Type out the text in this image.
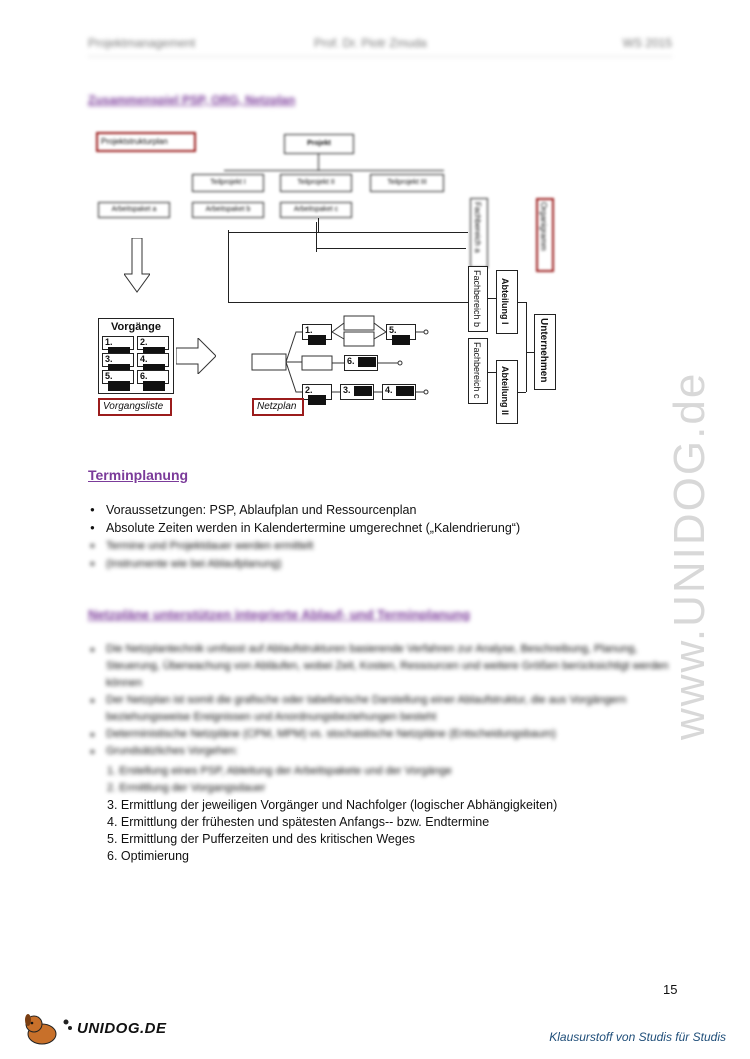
Projektmanagement	Prof. Dr. Piotr Zmuda	WS 2015
Zusammenspiel PSP, ORG, Netzplan
Projektstrukturplan	Projekt
Teilprojekt I	Teilprojekt II	Teilprojekt III
Arbeitspaket a	Arbeitspaket b	Arbeitspaket c	Fachbereich a	Organigramm
Vorgänge
1.	2.
3.	4.
5.	6.
Vorgangsliste
1.	5.
6.
2.	3.	4.
Netzplan
Fachbereich b
Fachbereich c
Abteilung I
Abteilung II
Unternehmen
Terminplanung
● Voraussetzungen: PSP, Ablaufplan und Ressourcenplan
● Absolute Zeiten werden in Kalendertermine umgerechnet („Kalendrierung“)
● Termine und Projektdauer werden ermittelt
● (Instrumente wie bei Ablaufplanung)
Netzpläne unterstützen integrierte Ablauf- und Terminplanung
● Die Netzplantechnik umfasst auf Ablaufstrukturen basierende Verfahren zur Analyse, Beschreibung, Planung, Steuerung, Überwachung von Abläufen, wobei Zeit, Kosten, Ressourcen und weitere Größen berücksichtigt werden können
● Der Netzplan ist somit die grafische oder tabellarische Darstellung einer Ablaufstruktur, die aus Vorgängern beziehungsweise Ereignissen und Anordnungsbeziehungen besteht
● Deterministische Netzpläne (CPM, MPM) vs. stochastische Netzpläne (Entscheidungsbaum)
● Grundsätzliches Vorgehen:
1. Erstellung eines PSP, Ableitung der Arbeitspakete und der Vorgänge
2. Ermittlung der Vorgangsdauer
3. Ermittlung der jeweiligen Vorgänger und Nachfolger (logischer Abhängigkeiten)
4. Ermittlung der frühesten und spätesten Anfangs-- bzw. Endtermine
5. Ermittlung der Pufferzeiten und des kritischen Weges
6. Optimierung
www.UNIDOG.de
15
UNIDOG.DE	Klausurstoff von Studis für Studis
